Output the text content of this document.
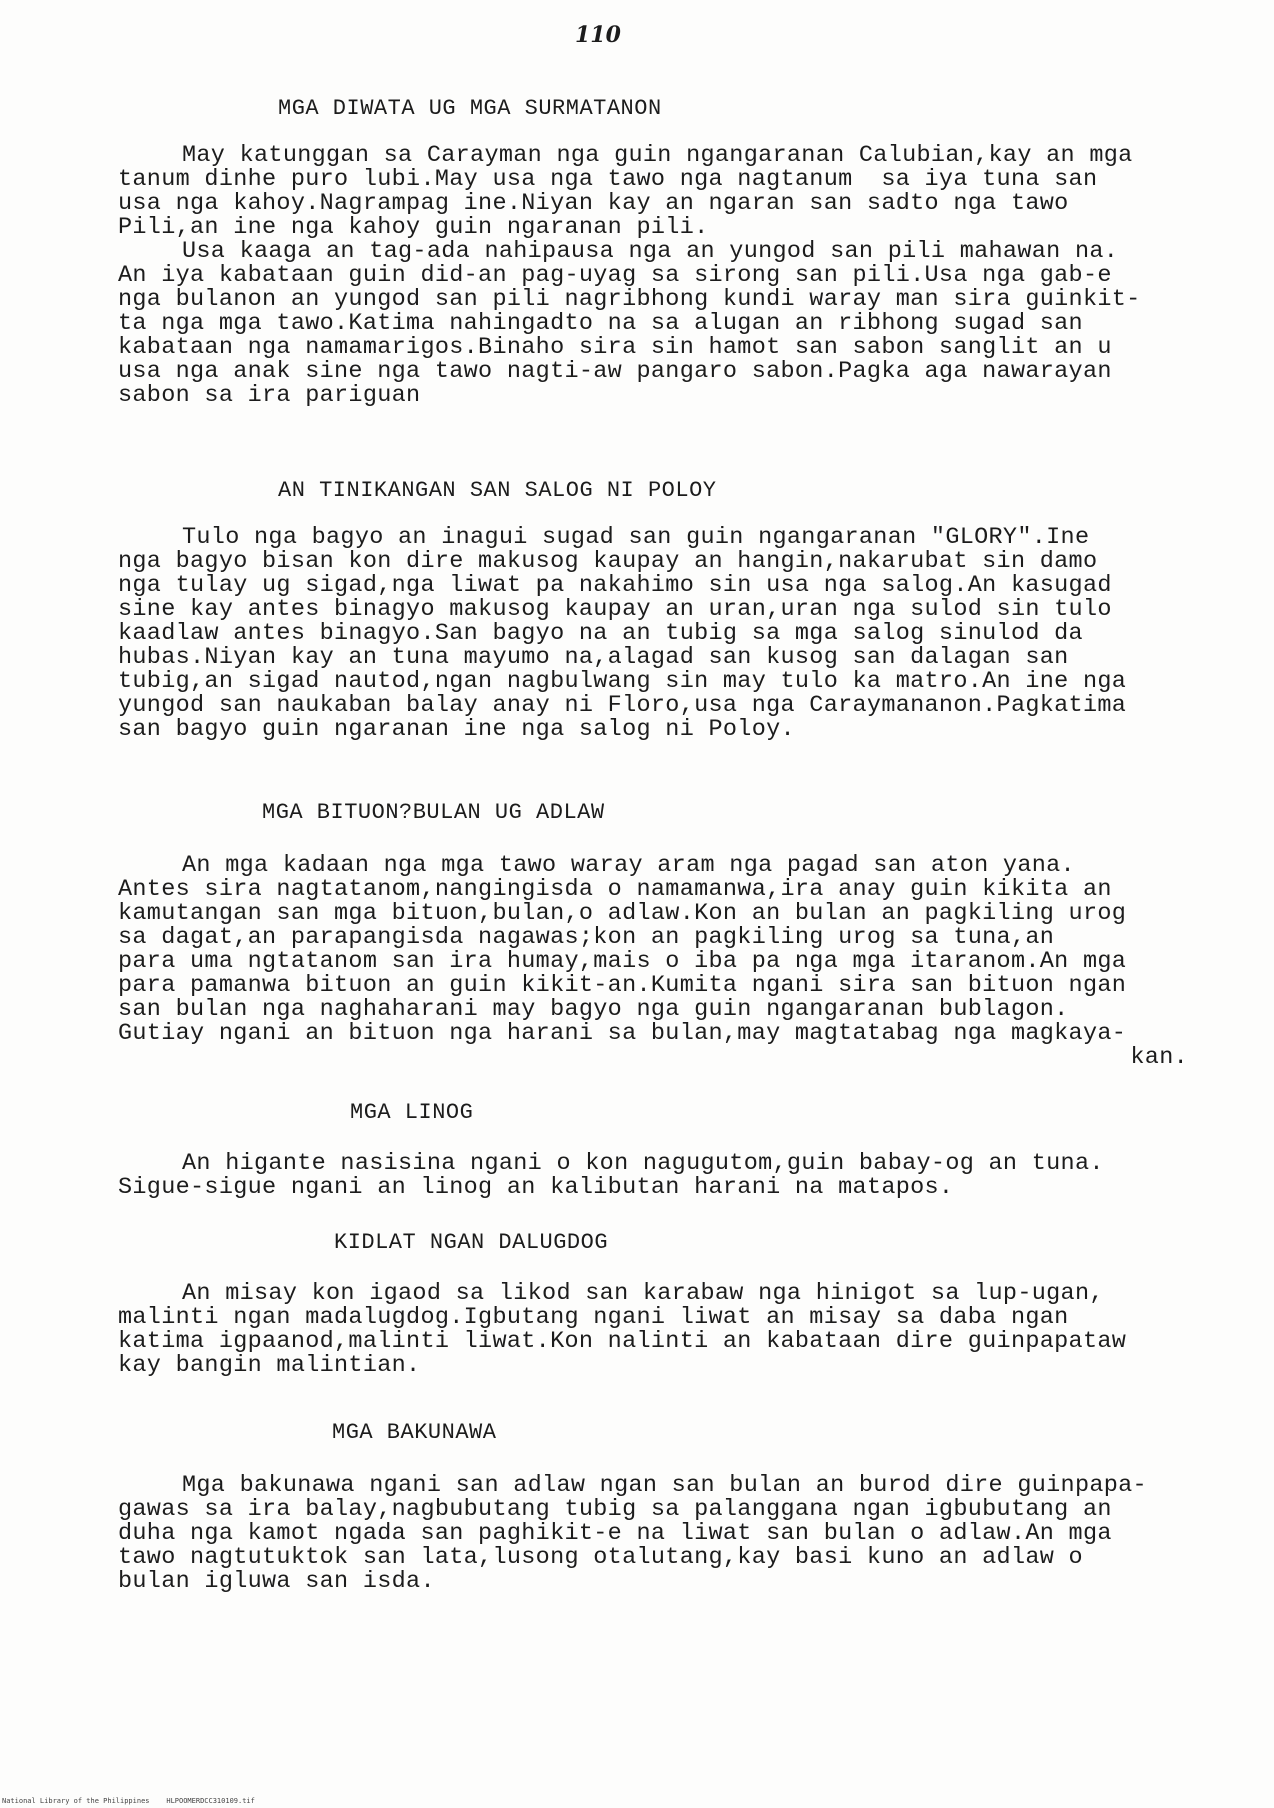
110
MGA DIWATA UG MGA SURMATANON
May katunggan sa Carayman nga guin ngangaranan Calubian,kay an mga
tanum dinhe puro lubi.May usa nga tawo nga nagtanum  sa iya tuna san
usa nga kahoy.Nagrampag ine.Niyan kay an ngaran san sadto nga tawo
Pili,an ine nga kahoy guin ngaranan pili.
Usa kaaga an tag-ada nahipausa nga an yungod san pili mahawan na.
An iya kabataan guin did-an pag-uyag sa sirong san pili.Usa nga gab-e
nga bulanon an yungod san pili nagribhong kundi waray man sira guinkit-
ta nga mga tawo.Katima nahingadto na sa alugan an ribhong sugad san
kabataan nga namamarigos.Binaho sira sin hamot san sabon sanglit an u
usa nga anak sine nga tawo nagti-aw pangaro sabon.Pagka aga nawarayan
sabon sa ira pariguan
AN TINIKANGAN SAN SALOG NI POLOY
Tulo nga bagyo an inagui sugad san guin ngangaranan "GLORY".Ine
nga bagyo bisan kon dire makusog kaupay an hangin,nakarubat sin damo
nga tulay ug sigad,nga liwat pa nakahimo sin usa nga salog.An kasugad
sine kay antes binagyo makusog kaupay an uran,uran nga sulod sin tulo
kaadlaw antes binagyo.San bagyo na an tubig sa mga salog sinulod da
hubas.Niyan kay an tuna mayumo na,alagad san kusog san dalagan san
tubig,an sigad nautod,ngan nagbulwang sin may tulo ka matro.An ine nga
yungod san naukaban balay anay ni Floro,usa nga Caraymananon.Pagkatima
san bagyo guin ngaranan ine nga salog ni Poloy.
MGA BITUON?BULAN UG ADLAW
An mga kadaan nga mga tawo waray aram nga pagad san aton yana.
Antes sira nagtatanom,nangingisda o namamanwa,ira anay guin kikita an
kamutangan san mga bituon,bulan,o adlaw.Kon an bulan an pagkiling urog
sa dagat,an parapangisda nagawas;kon an pagkiling urog sa tuna,an
para uma ngtatanom san ira humay,mais o iba pa nga mga itaranom.An mga
para pamanwa bituon an guin kikit-an.Kumita ngani sira san bituon ngan
san bulan nga naghaharani may bagyo nga guin ngangaranan bublagon.
Gutiay ngani an bituon nga harani sa bulan,may magtatabag nga magkaya-
kan.
MGA LINOG
An higante nasisina ngani o kon nagugutom,guin babay-og an tuna.
Sigue-sigue ngani an linog an kalibutan harani na matapos.
KIDLAT NGAN DALUGDOG
An misay kon igaod sa likod san karabaw nga hinigot sa lup-ugan,
malinti ngan madalugdog.Igbutang ngani liwat an misay sa daba ngan
katima igpaanod,malinti liwat.Kon nalinti an kabataan dire guinpapataw
kay bangin malintian.
MGA BAKUNAWA
Mga bakunawa ngani san adlaw ngan san bulan an burod dire guinpapa-
gawas sa ira balay,nagbubutang tubig sa palanggana ngan igbubutang an
duha nga kamot ngada san paghikit-e na liwat san bulan o adlaw.An mga
tawo nagtutuktok san lata,lusong otalutang,kay basi kuno an adlaw o
bulan igluwa san isda.
National Library of the Philippines    HLPOOMERDCC310109.tif
